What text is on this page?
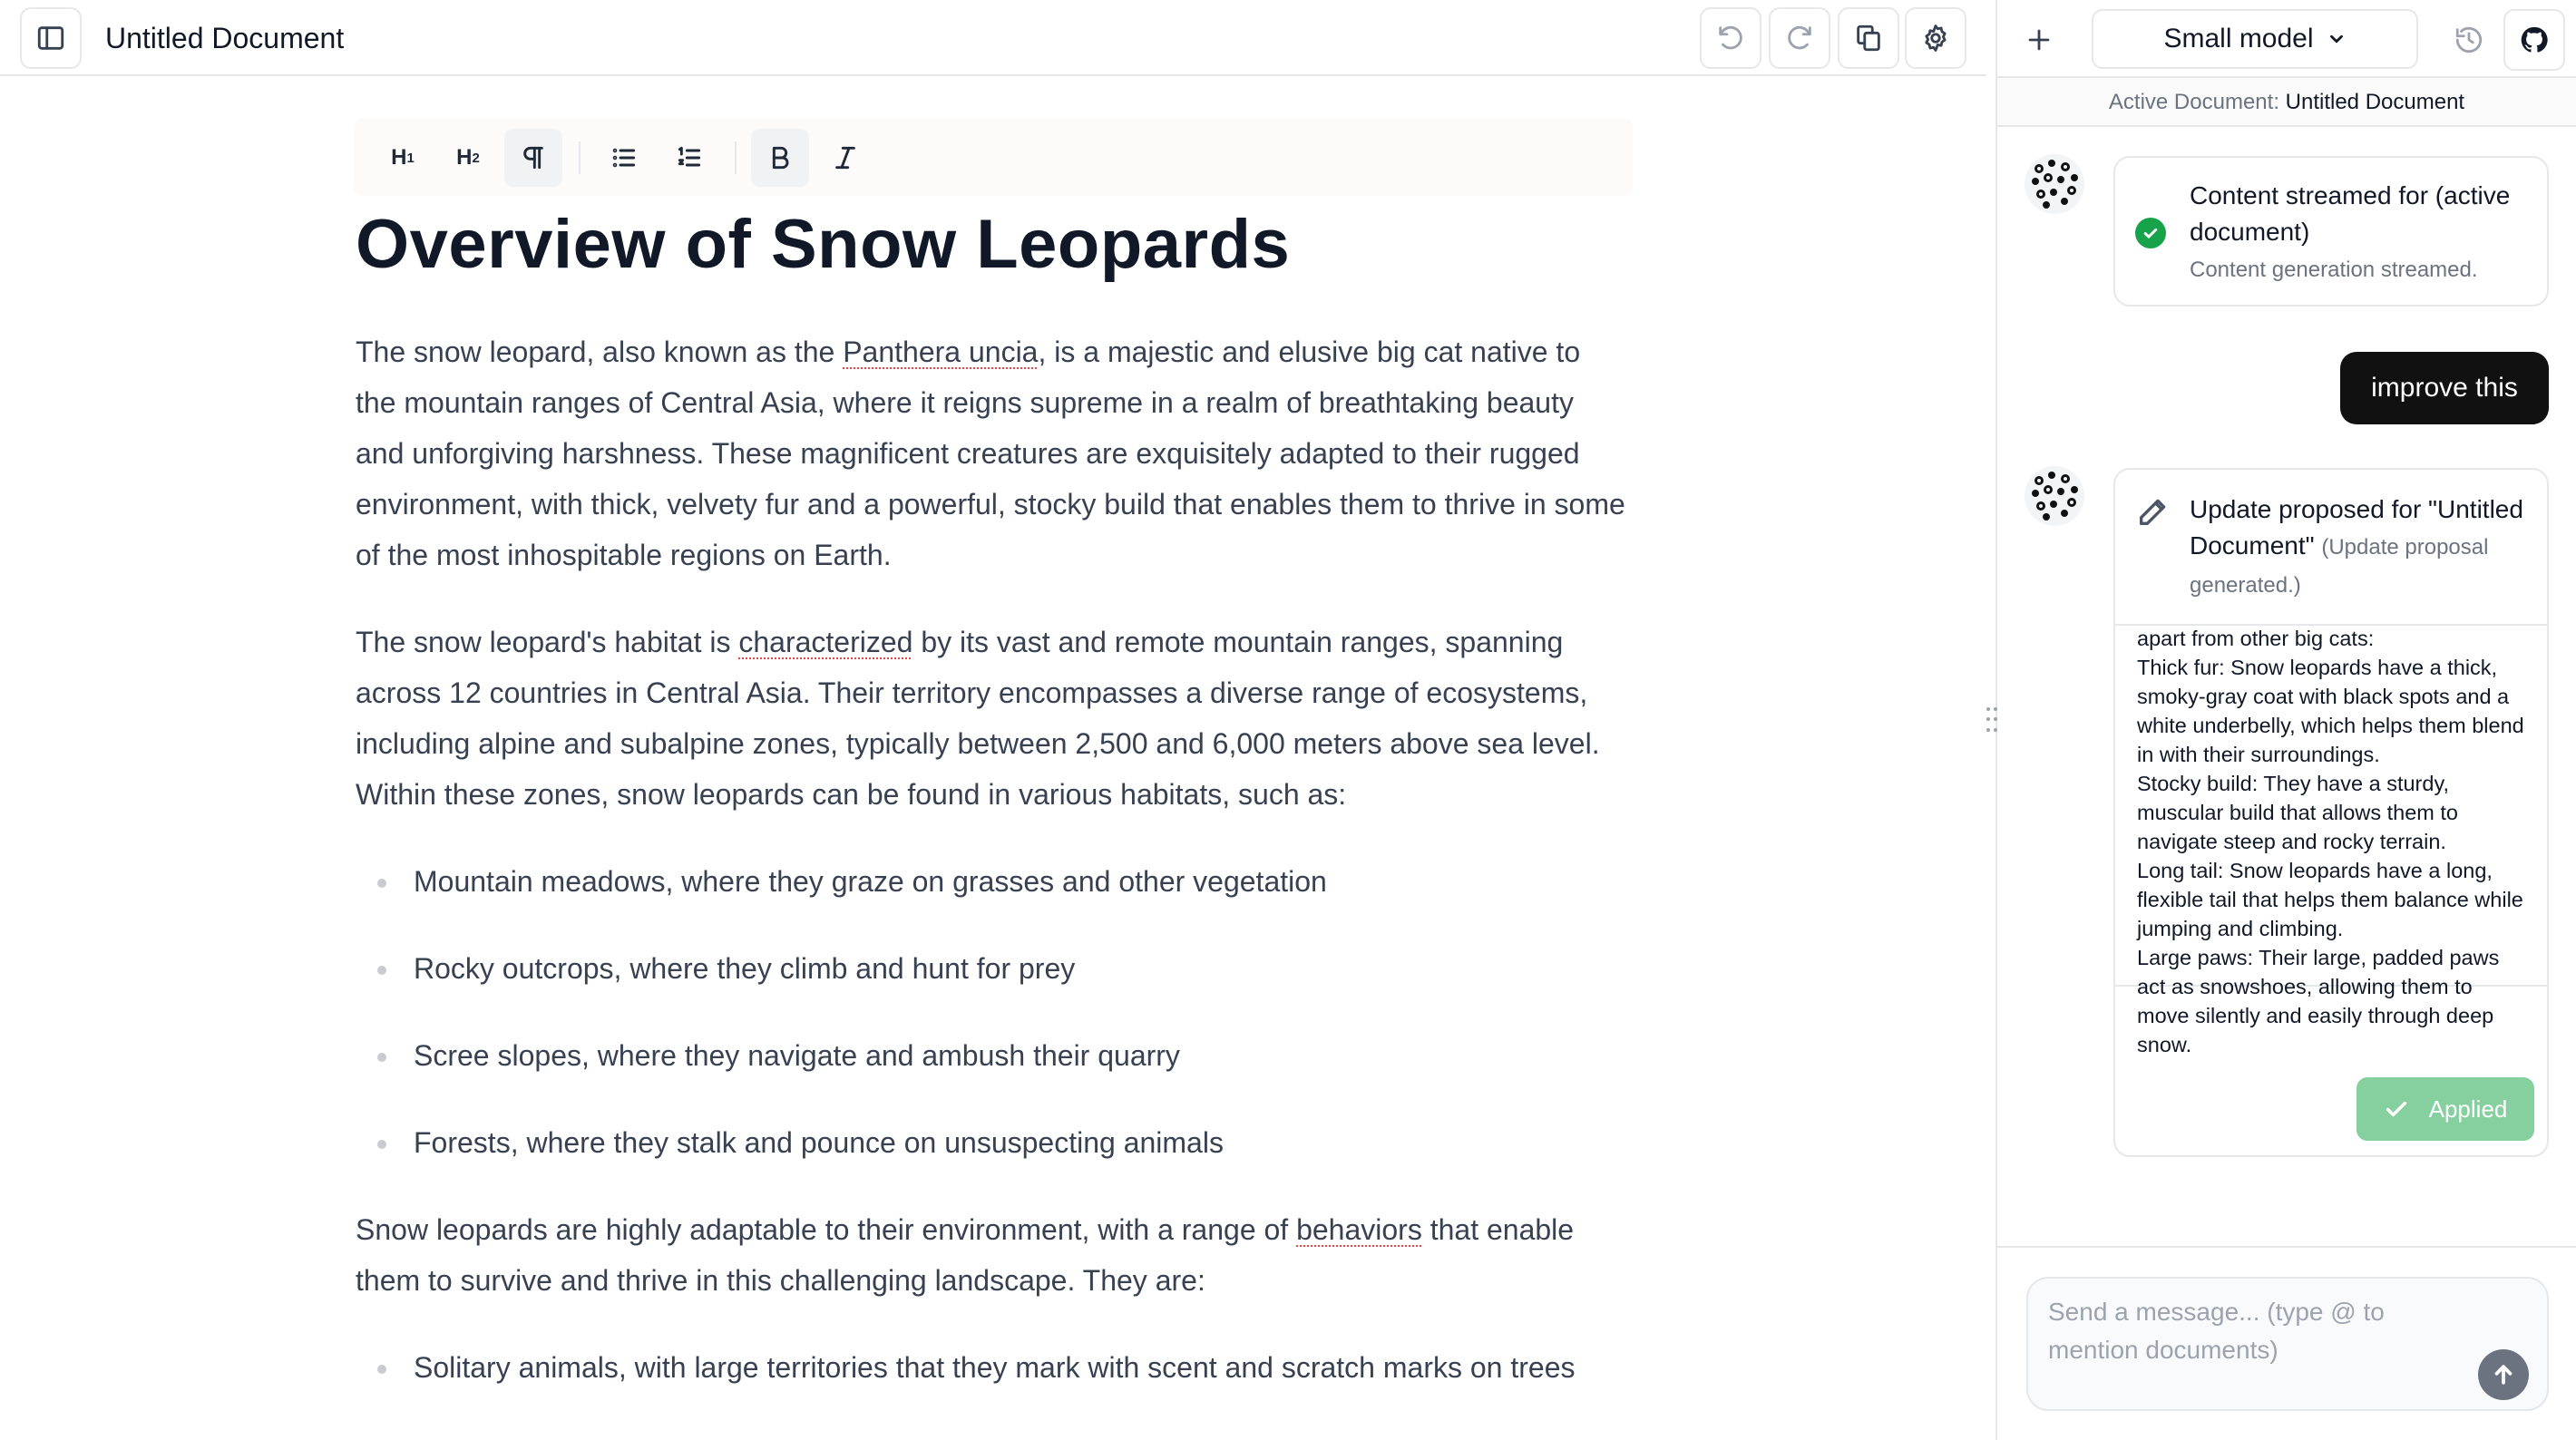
Untitled Document
H 1 H 2
Overview of Snow Leopards

The snow leopard, also known as the Panthera uncia, is a majestic and elusive big cat native to the mountain ranges of Central Asia, where it reigns supreme in a realm of breathtaking beauty and unforgiving harshness. These magnificent creatures are exquisitely adapted to their rugged environment, with thick, velvety fur and a powerful, stocky build that enables them to thrive in some of the most inhospitable regions on Earth.

The snow leopard's habitat is characterized by its vast and remote mountain ranges, spanning across 12 countries in Central Asia. Their territory encompasses a diverse range of ecosystems, including alpine and subalpine zones, typically between 2,500 and 6,000 meters above sea level. Within these zones, snow leopards can be found in various habitats, such as:

Mountain meadows, where they graze on grasses and other vegetation
Rocky outcrops, where they climb and hunt for prey
Scree slopes, where they navigate and ambush their quarry
Forests, where they stalk and pounce on unsuspecting animals

Snow leopards are highly adaptable to their environment, with a range of behaviors that enable them to survive and thrive in this challenging landscape. They are:

Solitary animals, with large territories that they mark with scent and scratch marks on trees
Small model
Active Document: Untitled Document
Content streamed for (active document)
Content generation streamed.
improve this
Update proposed for "Untitled Document" (Update proposal generated.)
apart from other big cats:
Thick fur: Snow leopards have a thick, smoky-gray coat with black spots and a white underbelly, which helps them blend in with their surroundings.
Stocky build: They have a sturdy, muscular build that allows them to navigate steep and rocky terrain.
Long tail: Snow leopards have a long, flexible tail that helps them balance while jumping and climbing.
Large paws: Their large, padded paws act as snowshoes, allowing them to move silently and easily through deep snow.
Applied
Send a message... (type @ to mention documents)
